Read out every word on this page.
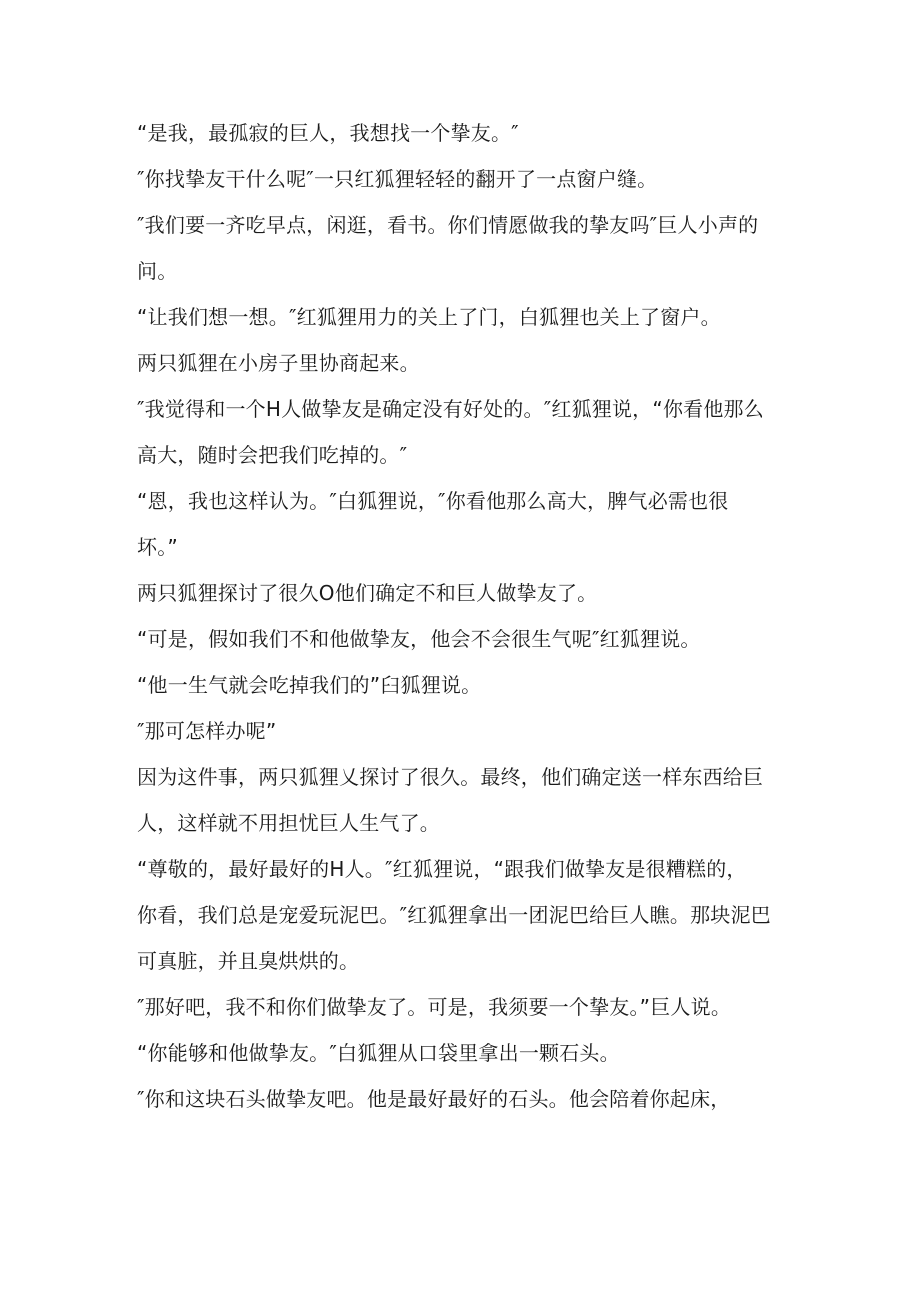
“是我，最孤寂的巨人，我想找一个挚友。″
″你找挚友干什么呢″一只红狐狸轻轻的翻开了一点窗户缝。
″我们要一齐吃早点，闲逛，看书。你们情愿做我的挚友吗″巨人小声的
问。
“让我们想一想。″红狐狸用力的关上了门，白狐狸也关上了窗户。
两只狐狸在小房子里协商起来。
″我觉得和一个H人做挚友是确定没有好处的。″红狐狸说，“你看他那么
高大，随时会把我们吃掉的。″
“恩，我也这样认为。″白狐狸说，″你看他那么高大，脾气必需也很
坏。”
两只狐狸探讨了很久O他们确定不和巨人做挚友了。
“可是，假如我们不和他做挚友，他会不会很生气呢″红狐狸说。
“他一生气就会吃掉我们的”臼狐狸说。
″那可怎样办呢”
因为这件事，两只狐狸乂探讨了很久。最终，他们确定送一样东西给巨
人，这样就不用担忧巨人生气了。
“尊敬的，最好最好的H人。″红狐狸说，“跟我们做挚友是很糟糕的，
你看，我们总是宠爱玩泥巴。″红狐狸拿出一团泥巴给巨人瞧。那块泥巴
可真脏，并且臭烘烘的。
″那好吧，我不和你们做挚友了。可是，我须要一个挚友。”巨人说。
“你能够和他做挚友。″白狐狸从口袋里拿出一颗石头。
″你和这块石头做挚友吧。他是最好最好的石头。他会陪着你起床，
